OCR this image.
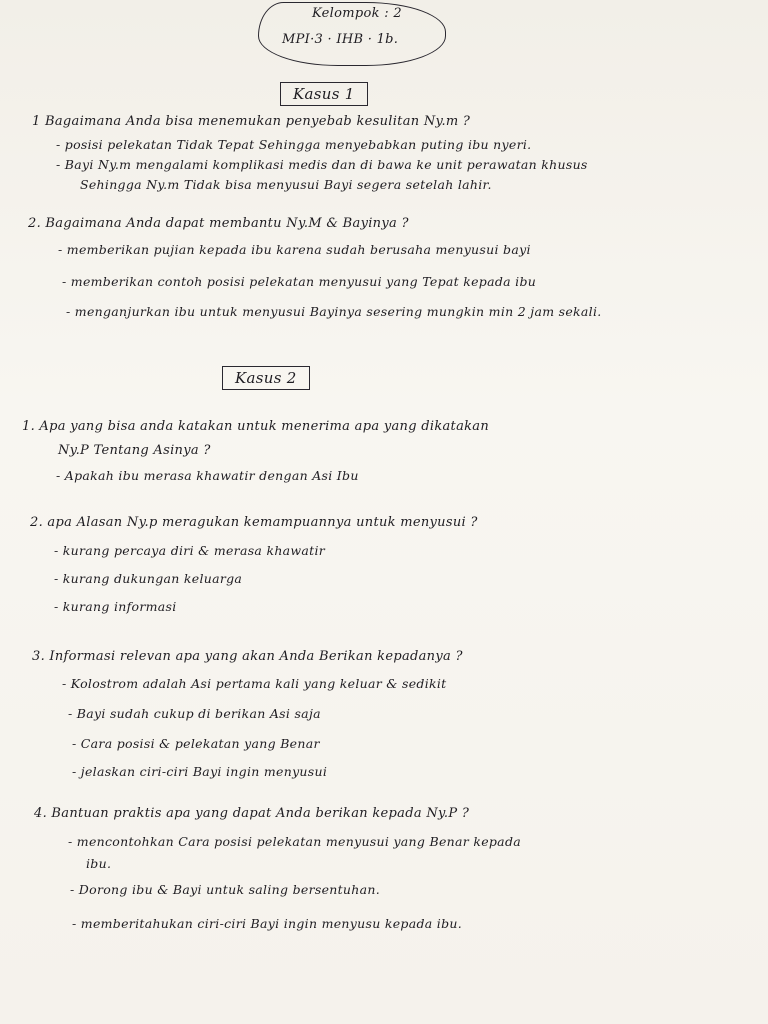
Kelompok : 2
MPI·3 · IHB · 1b.
Kasus 1
1 Bagaimana Anda bisa menemukan penyebab kesulitan Ny.m ?
- posisi pelekatan Tidak Tepat Sehingga menyebabkan puting ibu nyeri.
- Bayi Ny.m mengalami komplikasi medis dan di bawa ke unit perawatan khusus
Sehingga Ny.m Tidak bisa menyusui Bayi segera setelah lahir.
2. Bagaimana Anda dapat membantu Ny.M & Bayinya ?
- memberikan pujian kepada ibu karena sudah berusaha menyusui bayi
- memberikan contoh posisi pelekatan menyusui yang Tepat kepada ibu
- menganjurkan ibu untuk menyusui Bayinya sesering mungkin min 2 jam sekali.
Kasus 2
1. Apa yang bisa anda katakan untuk menerima apa yang dikatakan
Ny.P Tentang Asinya ?
- Apakah ibu merasa khawatir dengan Asi Ibu
2. apa Alasan Ny.p meragukan kemampuannya untuk menyusui ?
- kurang percaya diri & merasa khawatir
- kurang dukungan keluarga
- kurang informasi
3. Informasi relevan apa yang akan Anda Berikan kepadanya ?
- Kolostrom adalah Asi pertama kali yang keluar & sedikit
- Bayi sudah cukup di berikan Asi saja
- Cara posisi & pelekatan yang Benar
- jelaskan ciri-ciri Bayi ingin menyusui
4. Bantuan praktis apa yang dapat Anda berikan kepada Ny.P ?
- mencontohkan Cara posisi pelekatan menyusui yang Benar kepada
ibu.
- Dorong ibu & Bayi untuk saling bersentuhan.
- memberitahukan ciri-ciri Bayi ingin menyusu kepada ibu.
